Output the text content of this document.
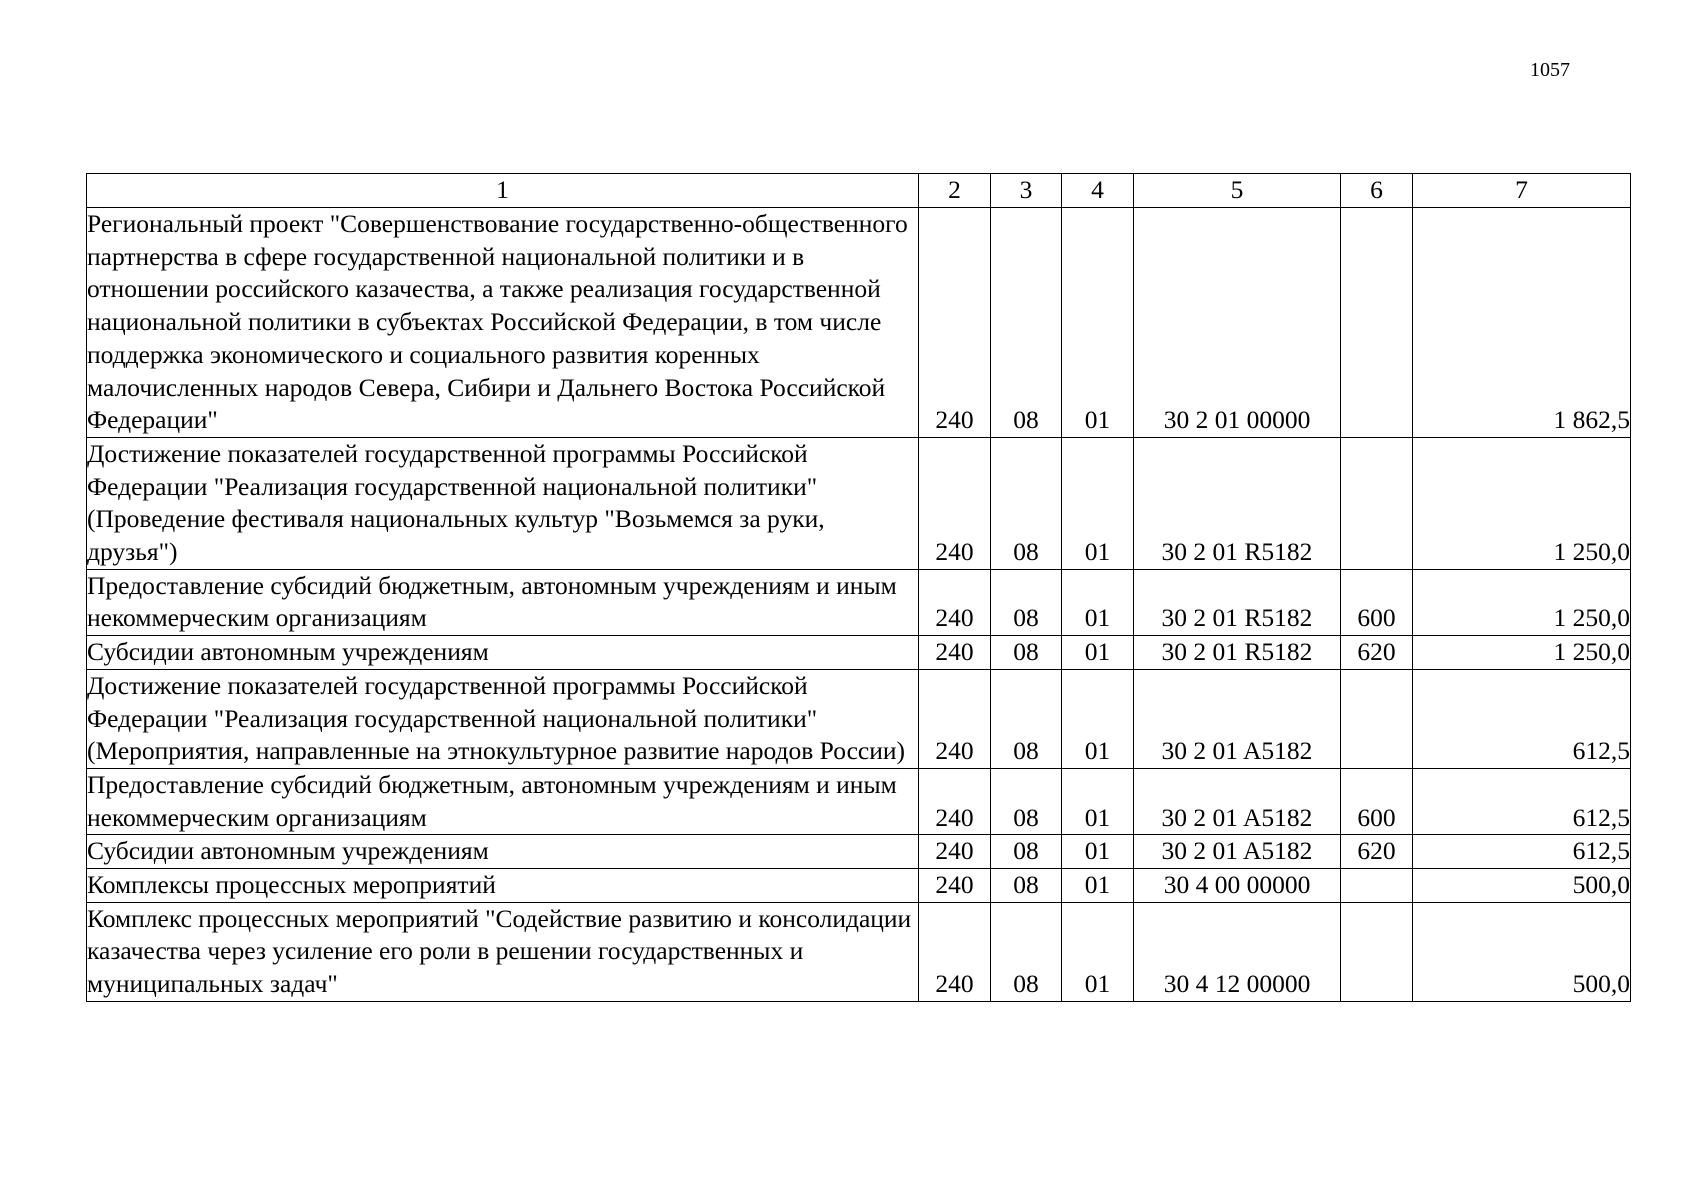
1057
1	2	3	4	5	6	7
Региональный проект "Совершенствование государственно-общественного партнерства в сфере государственной национальной политики и в отношении российского казачества, а также реализация государственной национальной политики в субъектах Российской Федерации, в том числе поддержка экономического и социального развития коренных малочисленных народов Севера, Сибири и Дальнего Востока Российской Федерации"	240	08	01	30 2 01 00000		1 862,5
Достижение показателей государственной программы Российской Федерации "Реализация государственной национальной политики" (Проведение фестиваля национальных культур "Возьмемся за руки, друзья")	240	08	01	30 2 01 R5182		1 250,0
Предоставление субсидий бюджетным, автономным учреждениям и иным некоммерческим организациям	240	08	01	30 2 01 R5182	600	1 250,0
Субсидии автономным учреждениям	240	08	01	30 2 01 R5182	620	1 250,0
Достижение показателей государственной программы Российской Федерации "Реализация государственной национальной политики" (Мероприятия, направленные на этнокультурное развитие народов России)	240	08	01	30 2 01 A5182		612,5
Предоставление субсидий бюджетным, автономным учреждениям и иным некоммерческим организациям	240	08	01	30 2 01 A5182	600	612,5
Субсидии автономным учреждениям	240	08	01	30 2 01 A5182	620	612,5
Комплексы процессных мероприятий	240	08	01	30 4 00 00000		500,0
Комплекс процессных мероприятий "Содействие развитию и консолидации казачества через усиление его роли в решении государственных и муниципальных задач"	240	08	01	30 4 12 00000		500,0
